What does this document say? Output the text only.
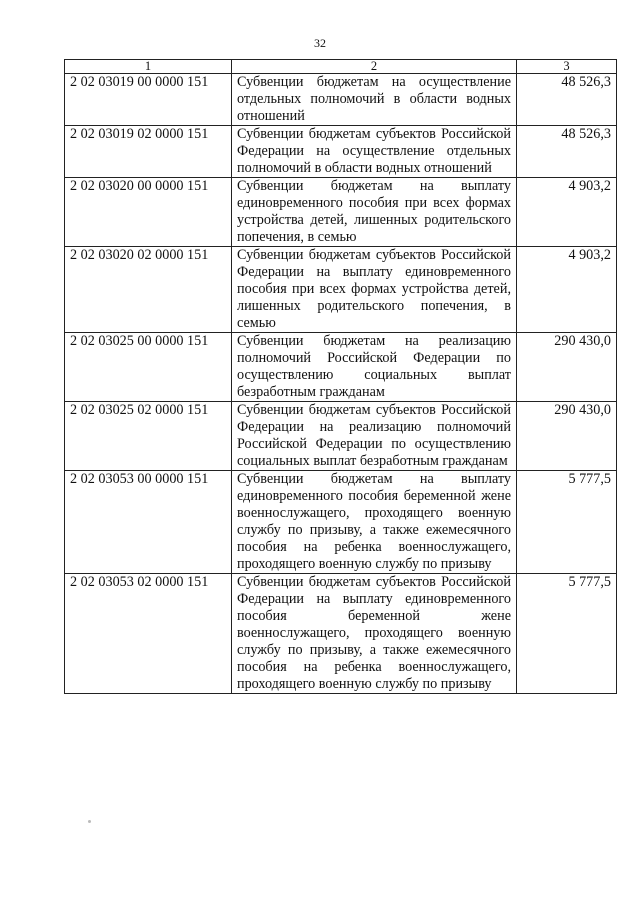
32
1	2	3
2 02 03019 00 0000 151	Субвенции бюджетам на осуществление отдельных полномочий в области водных отношений	48 526,3
2 02 03019 02 0000 151	Субвенции бюджетам субъектов Российской Федерации на осуществление отдельных полномочий в области водных отношений	48 526,3
2 02 03020 00 0000 151	Субвенции бюджетам на выплату единовременного пособия при всех формах устройства детей, лишенных родительского попечения, в семью	4 903,2
2 02 03020 02 0000 151	Субвенции бюджетам субъектов Российской Федерации на выплату единовременного пособия при всех формах устройства детей, лишенных родительского попечения, в семью	4 903,2
2 02 03025 00 0000 151	Субвенции бюджетам на реализацию полномочий Российской Федерации по осуществлению социальных выплат безработным гражданам	290 430,0
2 02 03025 02 0000 151	Субвенции бюджетам субъектов Российской Федерации на реализацию полномочий Российской Федерации по осуществлению социальных выплат безработным гражданам	290 430,0
2 02 03053 00 0000 151	Субвенции бюджетам на выплату единовременного пособия беременной жене военнослужащего, проходящего военную службу по призыву, а также ежемесячного пособия на ребенка военнослужащего, проходящего военную службу по призыву	5 777,5
2 02 03053 02 0000 151	Субвенции бюджетам субъектов Российской Федерации на выплату единовременного пособия беременной жене военнослужащего, проходящего военную службу по призыву, а также ежемесячного пособия на ребенка военнослужащего, проходящего военную службу по призыву	5 777,5
